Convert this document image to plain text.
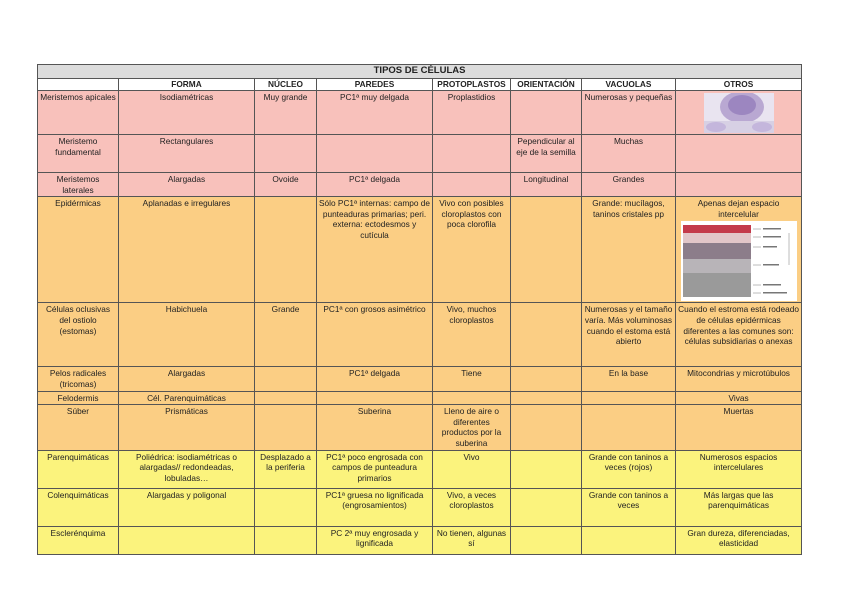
TIPOS DE CÉLULAS							
	FORMA	NÚCLEO	PAREDES	PROTOPLASTOS	ORIENTACIÓN	VACUOLAS	OTROS

Meristemos apicales	Isodiamétricas	Muy grande	PC1ª muy delgada	Proplastidios		Numerosas y pequeñas

Meristemo fundamental	Rectangulares				Pependicular al eje de la semilla	Muchas	

Meristemos laterales	Alargadas	Ovoide	PC1ª delgada		Longitudinal	Grandes	

Epidérmicas	Aplanadas e irregulares		Sólo PC1ª internas: campo de punteaduras primarias; peri. externa: ectodesmos y cutícula	Vivo con posibles cloroplastos con poca clorofila		Grande: mucílagos, taninos cristales pp	Apenas dejan espacio intercelular

Células oclusivas del ostiolo (estomas)	Habichuela	Grande	PC1ª con grosos asimétrico	Vivo, muchos cloroplastos		Numerosas y el tamaño varía. Más voluminosas cuando el estoma está abierto	Cuando el estroma está rodeado de células epidérmicas diferentes a las comunes son: células subsidiarias o anexas

Pelos radicales (tricomas)	Alargadas		PC1ª delgada	Tiene		En la base	Mitocondrias y microtúbulos

Felodermis	Cél. Parenquimáticas						Vivas

Súber	Prismáticas		Suberina	Lleno de aire o diferentes productos por la suberina			Muertas

Parenquimáticas	Poliédrica: isodiamétricas o alargadas// redondeadas, lobuladas…	Desplazado a la periferia	PC1ª poco engrosada con campos de punteadura primarios	Vivo		Grande con taninos a veces (rojos)	Numerosos espacios intercelulares

Colenquimáticas	Alargadas y poligonal		PC1ª gruesa no lignificada (engrosamientos)	Vivo, a veces cloroplastos		Grande con taninos a veces	Más largas que las parenquimáticas

Esclerénquima			PC 2ª muy engrosada y lignificada	No tienen, algunas sí			Gran dureza, diferenciadas, elasticidad
